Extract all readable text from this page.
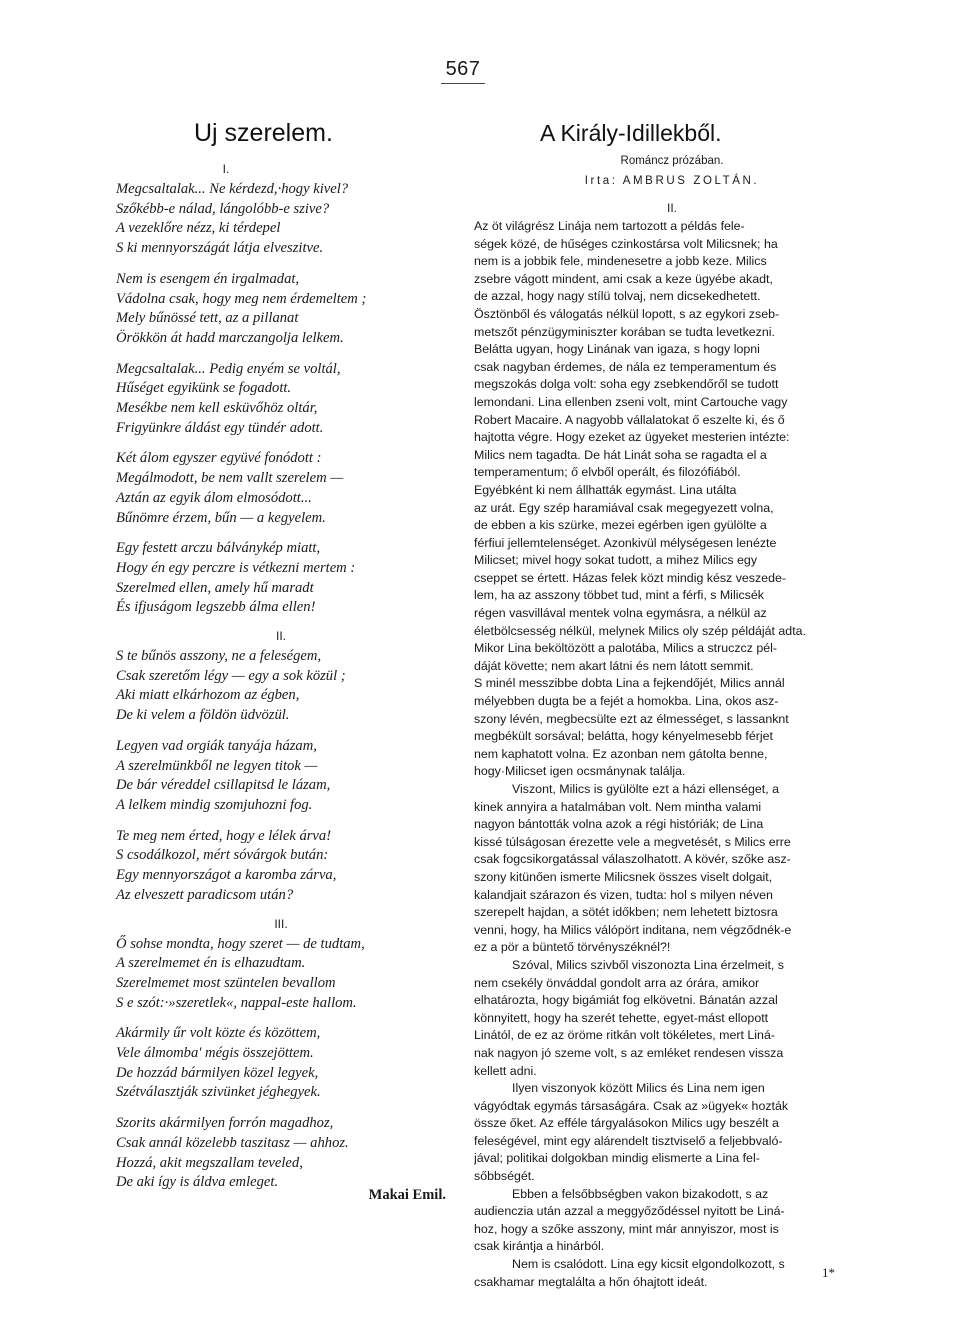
567
Uj szerelem.
I.
Megcsaltalak... Ne kérdezd,·hogy kivel?
Szőkébb-e nálad, lángolóbb-e szive?
A vezeklőre nézz, ki térdepel
S ki mennyországát látja elveszitve.
Nem is esengem én irgalmadat,
Vádolna csak, hogy meg nem érdemeltem ;
Mely bűnössé tett, az a pillanat
Örökkön át hadd marczangolja lelkem.
Megcsaltalak... Pedig enyém se voltál,
Hűséget egyikünk se fogadott.
Mesékbe nem kell esküvőhöz oltár,
Frigyünkre áldást egy tündér adott.
Két álom egyszer együvé fonódott :
Megálmodott, be nem vallt szerelem —
Aztán az egyik álom elmosódott...
Bűnömre érzem, bűn — a kegyelem.
Egy festett arczu bálványkép miatt,
Hogy én egy perczre is vétkezni mertem :
Szerelmed ellen, amely hű maradt
És ifjuságom legszebb álma ellen!
II.
S te bűnös asszony, ne a feleségem,
Csak szeretőm légy — egy a sok közül ;
Aki miatt elkárhozom az égben,
De ki velem a földön üdvözül.
Legyen vad orgiák tanyája házam,
A szerelmünkből ne legyen titok —
De bár véreddel csillapitsd le lázam,
A lelkem mindig szomjuhozni fog.
Te meg nem érted, hogy e lélek árva!
S csodálkozol, mért sóvárgok bután:
Egy mennyországot a karomba zárva,
Az elveszett paradicsom után?
III.
Ő sohse mondta, hogy szeret — de tudtam,
A szerelmemet én is elhazudtam.
Szerelmemet most szüntelen bevallom
S e szót:·»szeretlek«, nappal-este hallom.
Akármily űr volt közte és közöttem,
Vele álmomba' mégis összejöttem.
De hozzád bármilyen közel legyek,
Szétválasztják szivünket jéghegyek.
Szorits akármilyen forrón magadhoz,
Csak annál közelebb taszitasz — ahhoz.
Hozzá, akit megszallam teveled,
De aki így is áldva emleget.
Makai Emil.
A Király-Idillekből.
Románcz prózában.
Irta: AMBRUS ZOLTÁN.
II.
Az öt világrész Linája nem tartozott a példás fele-
ségek közé, de hűséges czinkostársa volt Milicsnek; ha
nem is a jobbik fele, mindenesetre a jobb keze. Milics
zsebre vágott mindent, ami csak a keze ügyébe akadt,
de azzal, hogy nagy stílü tolvaj, nem dicsekedhetett.
Ösztönből és válogatás nélkül lopott, s az egykori zseb-
metszőt pénzügyminiszter korában se tudta levetkezni.
Belátta ugyan, hogy Linának van igaza, s hogy lopni
csak nagyban érdemes, de nála ez temperamentum és
megszokás dolga volt: soha egy zsebkendőről se tudott
lemondani. Lina ellenben zseni volt, mint Cartouche vagy
Robert Macaire. A nagyobb vállalatokat ő eszelte ki, és ő
hajtotta végre. Hogy ezeket az ügyeket mesterien intézte:
Milics nem tagadta. De hát Linát soha se ragadta el a
temperamentum; ő elvből operált, és filozófiából.
Egyébként ki nem állhatták egymást. Lina utálta
az urát. Egy szép haramiával csak megegyezett volna,
de ebben a kis szürke, mezei egérben igen gyülölte a
férfiui jellemtelenséget. Azonkivül mélységesen lenézte
Milicset; mivel hogy sokat tudott, a mihez Milics egy
cseppet se értett. Házas felek közt mindig kész veszede-
lem, ha az asszony többet tud, mint a férfi, s Milicsék
régen vasvillával mentek volna egymásra, a nélkül az
életbölcsesség nélkül, melynek Milics oly szép példáját adta.
Mikor Lina beköltözött a palotába, Milics a struczcz pél-
dáját követte; nem akart látni és nem látott semmit.
S minél messzibbe dobta Lina a fejkendőjét, Milics annál
mélyebben dugta be a fejét a homokba. Lina, okos asz-
szony lévén, megbecsülte ezt az élmességet, s lassanknt
megbékült sorsával; belátta, hogy kényelmesebb férjet
nem kaphatott volna. Ez azonban nem gátolta benne,
hogy·Milicset igen ocsmánynak találja.
Viszont, Milics is gyülölte ezt a házi ellenséget, a
kinek annyira a hatalmában volt. Nem mintha valami
nagyon bántották volna azok a régi históriák; de Lina
kissé túlságosan érezette vele a megvetését, s Milics erre
csak fogcsikorgatással válaszolhatott. A kövér, szőke asz-
szony kitünően ismerte Milicsnek összes viselt dolgait,
kalandjait szárazon és vizen, tudta: hol s milyen néven
szerepelt hajdan, a sötét időkben; nem lehetett biztosra
venni, hogy, ha Milics válópört inditana, nem végződnék-e
ez a pör a büntető törvényszéknél?!
Szóval, Milics szivből viszonozta Lina érzelmeit, s
nem csekély önváddal gondolt arra az órára, amikor
elhatározta, hogy bigámiát fog elkövetni. Bánatán azzal
könnyitett, hogy ha szerét tehette, egyet-mást ellopott
Linától, de ez az öröme ritkán volt tökéletes, mert Liná-
nak nagyon jó szeme volt, s az emléket rendesen vissza
kellett adni.
Ilyen viszonyok között Milics és Lina nem igen
vágyódtak egymás társaságára. Csak az »ügyek« hozták
össze őket. Az efféle tárgyalásokon Milics ugy beszélt a
feleségével, mint egy alárendelt tisztviselő a feljebbvaló-
jával; politikai dolgokban mindig elismerte a Lina fel-
sőbbségét.
Ebben a felsőbbségben vakon bizakodott, s az
audienczia után azzal a meggyőződéssel nyitott be Liná-
hoz, hogy a szőke asszony, mint már annyiszor, most is
csak kirántja a hinárból.
Nem is csalódott. Lina egy kicsit elgondolkozott, s
csakhamar megtalálta a hőn óhajtott ideát.
1*
